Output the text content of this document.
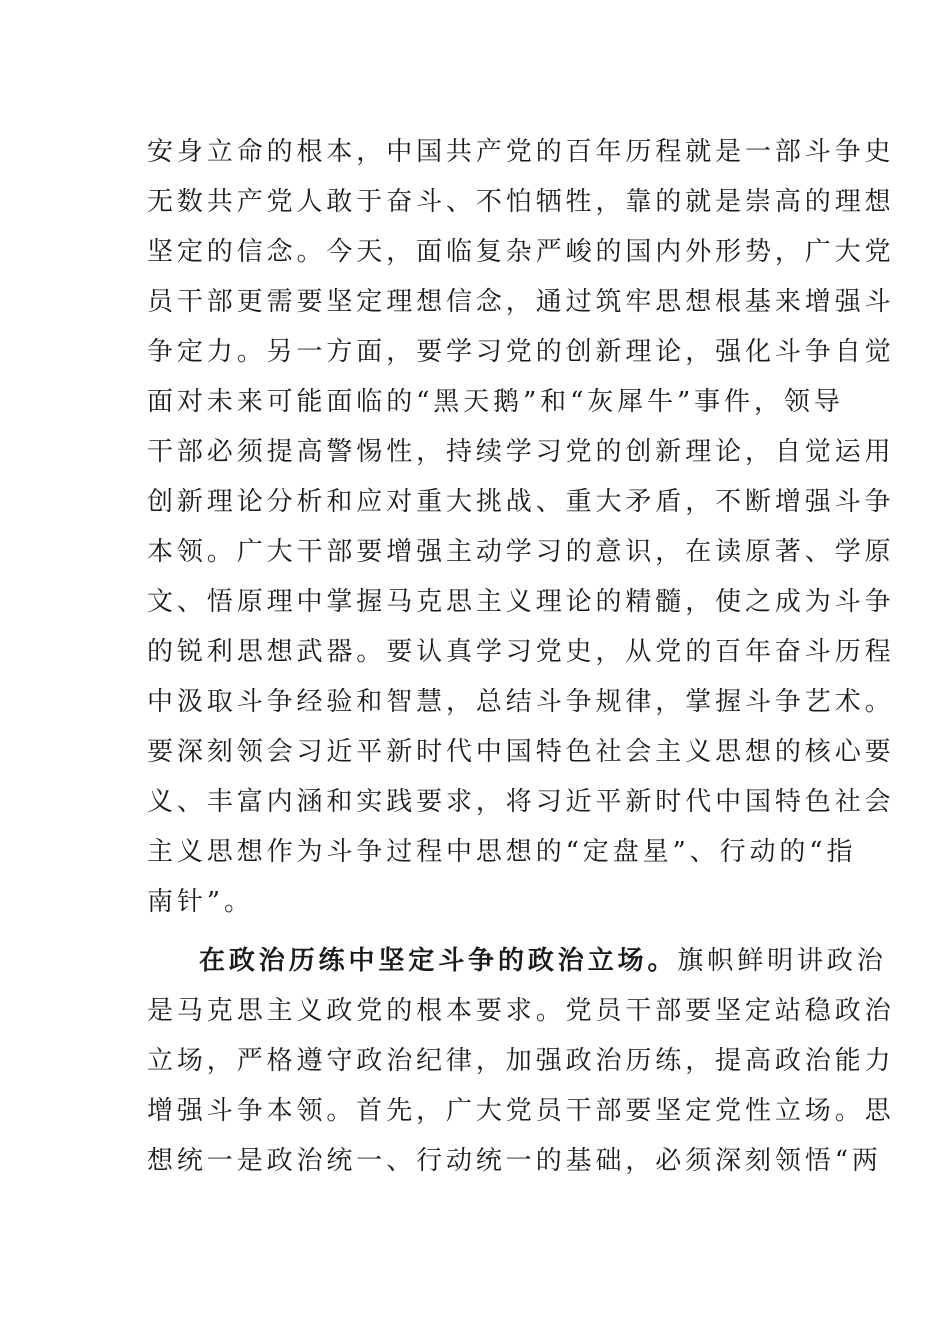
安身立命的根本，中国共产党的百年历程就是一部斗争史
无数共产党人敢于奋斗、不怕牺牲，靠的就是崇高的理想
坚定的信念。今天，面临复杂严峻的国内外形势，广大党
员干部更需要坚定理想信念，通过筑牢思想根基来增强斗
争定力。另一方面，要学习党的创新理论，强化斗争自觉
面对未来可能面临的“黑天鹅”和“灰犀牛”事件，领导
干部必须提高警惕性，持续学习党的创新理论，自觉运用
创新理论分析和应对重大挑战、重大矛盾，不断增强斗争
本领。广大干部要增强主动学习的意识，在读原著、学原
文、悟原理中掌握马克思主义理论的精髓，使之成为斗争
的锐利思想武器。要认真学习党史，从党的百年奋斗历程
中汲取斗争经验和智慧，总结斗争规律，掌握斗争艺术。
要深刻领会习近平新时代中国特色社会主义思想的核心要
义、丰富内涵和实践要求，将习近平新时代中国特色社会
主义思想作为斗争过程中思想的“定盘星”、行动的“指
南针”。
在政治历练中坚定斗争的政治立场。旗帜鲜明讲政治
是马克思主义政党的根本要求。党员干部要坚定站稳政治
立场，严格遵守政治纪律，加强政治历练，提高政治能力
增强斗争本领。首先，广大党员干部要坚定党性立场。思
想统一是政治统一、行动统一的基础，必须深刻领悟“两
